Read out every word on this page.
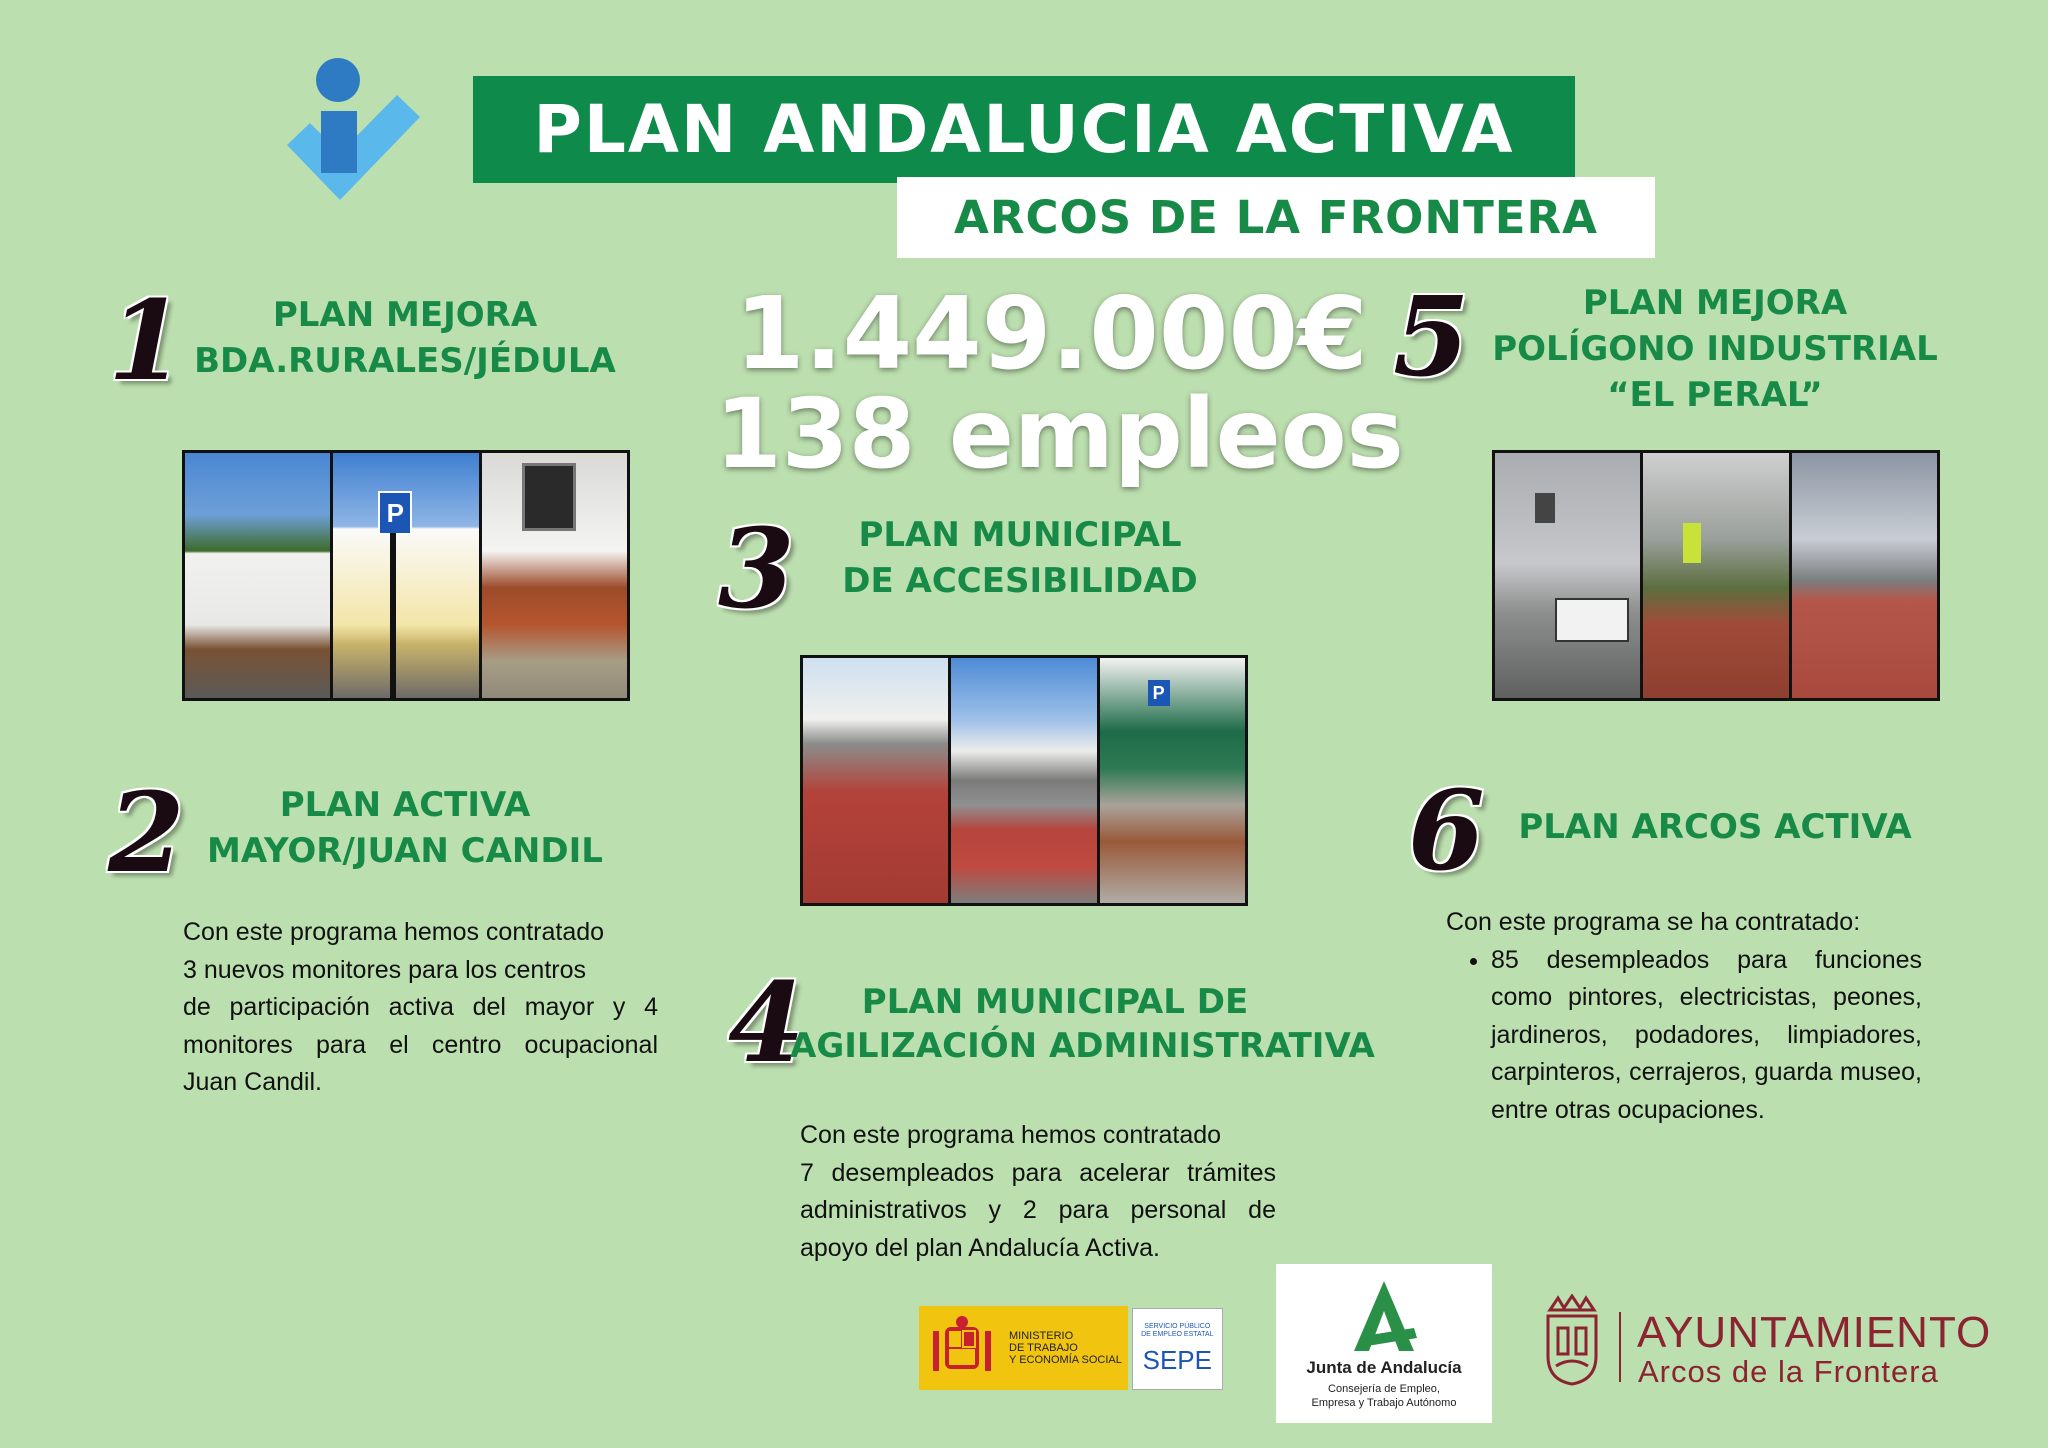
PLAN ANDALUCIA ACTIVA
ARCOS DE LA FRONTERA
1.449.000€
138 empleos
1	PLAN MEJORA
BDA.RURALES/JÉDULA
P
2	PLAN ACTIVA
MAYOR/JUAN CANDIL
Con este programa hemos contratado
3 nuevos monitores para los centros
de participación activa del mayor y 4
monitores para el centro ocupacional
Juan Candil.
3	PLAN MUNICIPAL
DE ACCESIBILIDAD
P
4	PLAN MUNICIPAL DE
AGILIZACIÓN ADMINISTRATIVA
Con este programa hemos contratado
7 desempleados para acelerar trámites
administrativos y 2 para personal de
apoyo del plan Andalucía Activa.
5	PLAN MEJORA
POLÍGONO INDUSTRIAL
“EL PERAL”
6 PLAN ARCOS ACTIVA
Con este programa se ha contratado:
• 85 desempleados para funciones como pintores, electricistas, peones, jardineros, podadores, limpiadores, carpinteros, cerrajeros, guarda museo, entre otras ocupaciones.
MINISTERIO
DE TRABAJO
Y ECONOMÍA SOCIAL
SERVICIO PÚBLICO
DE EMPLEO ESTATAL
SEPE	Junta de Andalucía
Consejería de Empleo,
Empresa y Trabajo Autónomo
AYUNTAMIENTO
Arcos de la Frontera
